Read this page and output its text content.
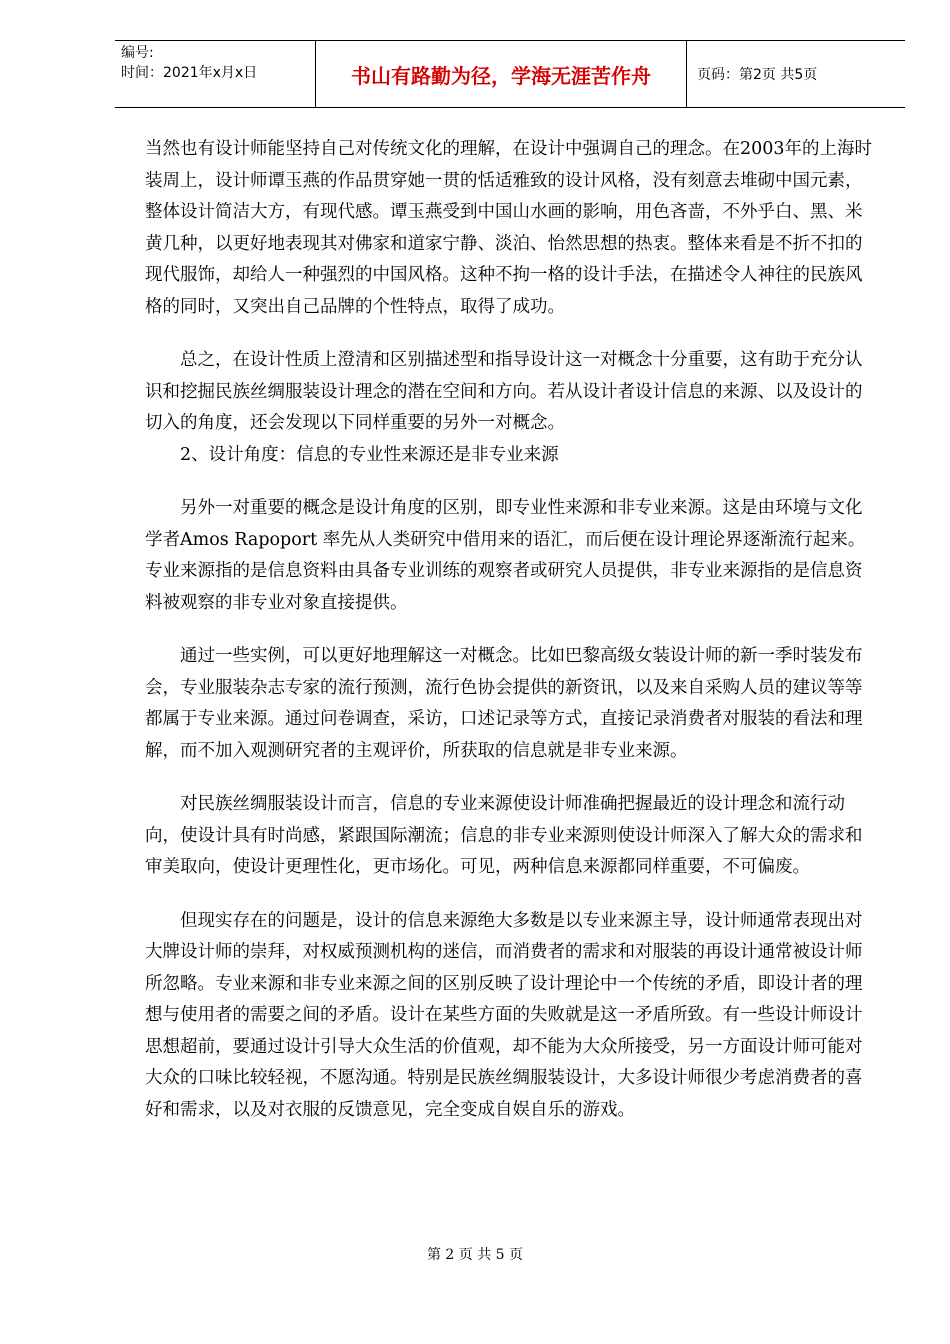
编号:
时间：2021年x月x日	书山有路勤为径，学海无涯苦作舟	页码：第2页 共5页

当然也有设计师能坚持自己对传统文化的理解，在设计中强调自己的理念。在2003年的上海时装周上，设计师谭玉燕的作品贯穿她一贯的恬适雅致的设计风格，没有刻意去堆砌中国元素，整体设计简洁大方，有现代感。谭玉燕受到中国山水画的影响，用色吝啬，不外乎白、黑、米黄几种，以更好地表现其对佛家和道家宁静、淡泊、怡然思想的热衷。整体来看是不折不扣的现代服饰，却给人一种强烈的中国风格。这种不拘一格的设计手法，在描述令人神往的民族风格的同时，又突出自己品牌的个性特点，取得了成功。

总之，在设计性质上澄清和区别描述型和指导设计这一对概念十分重要，这有助于充分认识和挖掘民族丝绸服装设计理念的潜在空间和方向。若从设计者设计信息的来源、以及设计的切入的角度，还会发现以下同样重要的另外一对概念。

2、设计角度：信息的专业性来源还是非专业来源

另外一对重要的概念是设计角度的区别，即专业性来源和非专业来源。这是由环境与文化学者Amos Rapoport 率先从人类研究中借用来的语汇，而后便在设计理论界逐渐流行起来。专业来源指的是信息资料由具备专业训练的观察者或研究人员提供，非专业来源指的是信息资料被观察的非专业对象直接提供。

通过一些实例，可以更好地理解这一对概念。比如巴黎高级女装设计师的新一季时装发布会，专业服装杂志专家的流行预测，流行色协会提供的新资讯，以及来自采购人员的建议等等都属于专业来源。通过问卷调查，采访，口述记录等方式，直接记录消费者对服装的看法和理解，而不加入观测研究者的主观评价，所获取的信息就是非专业来源。

对民族丝绸服装设计而言，信息的专业来源使设计师准确把握最近的设计理念和流行动向，使设计具有时尚感，紧跟国际潮流；信息的非专业来源则使设计师深入了解大众的需求和审美取向，使设计更理性化，更市场化。可见，两种信息来源都同样重要，不可偏废。

但现实存在的问题是，设计的信息来源绝大多数是以专业来源主导，设计师通常表现出对大牌设计师的崇拜，对权威预测机构的迷信，而消费者的需求和对服装的再设计通常被设计师所忽略。专业来源和非专业来源之间的区别反映了设计理论中一个传统的矛盾，即设计者的理想与使用者的需要之间的矛盾。设计在某些方面的失败就是这一矛盾所致。有一些设计师设计思想超前，要通过设计引导大众生活的价值观，却不能为大众所接受，另一方面设计师可能对大众的口味比较轻视，不愿沟通。特别是民族丝绸服装设计，大多设计师很少考虑消费者的喜好和需求，以及对衣服的反馈意见，完全变成自娱自乐的游戏。

第 2 页 共 5 页
